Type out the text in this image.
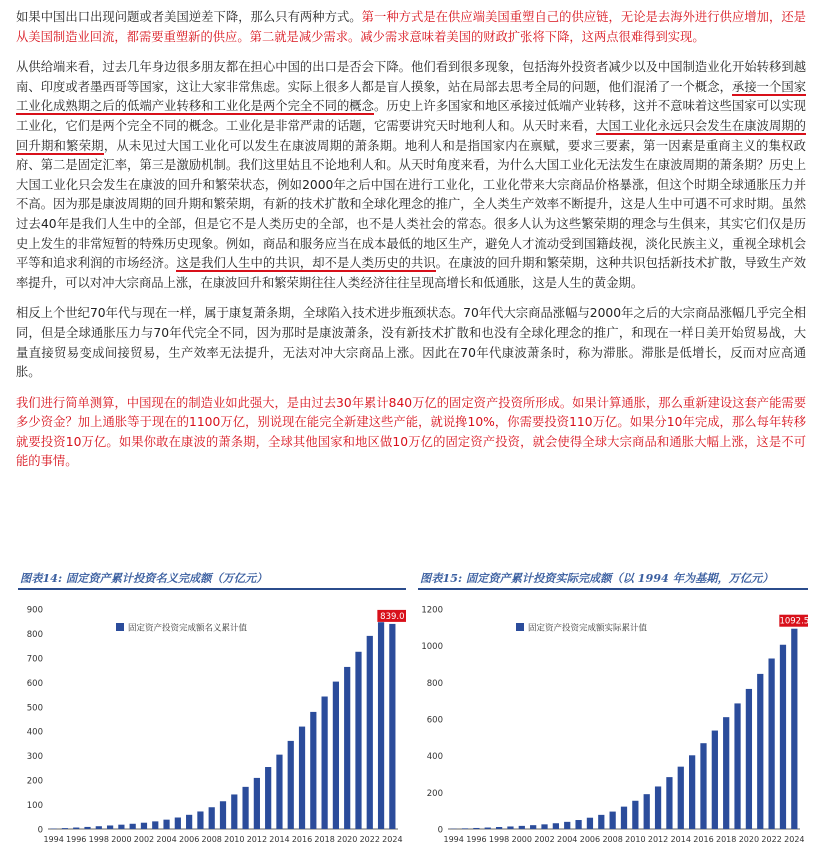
如果中国出口出现问题或者美国逆差下降，那么只有两种方式。第一种方式是在供应端美国重塑自己的供应链，无论是去海外进行供应增加，还是从美国制造业回流，都需要重塑新的供应。第二就是减少需求。减少需求意味着美国的财政扩张将下降，这两点很难得到实现。

从供给端来看，过去几年身边很多朋友都在担心中国的出口是否会下降。他们看到很多现象，包括海外投资者减少以及中国制造业化开始转移到越南、印度或者墨西哥等国家，这让大家非常焦虑。实际上很多人都是盲人摸象，站在局部去思考全局的问题，他们混淆了一个概念，承接一个国家工业化成熟期之后的低端产业转移和工业化是两个完全不同的概念。历史上许多国家和地区承接过低端产业转移，这并不意味着这些国家可以实现工业化，它们是两个完全不同的概念。工业化是非常严肃的话题，它需要讲究天时地利人和。从天时来看，大国工业化永远只会发生在康波周期的回升期和繁荣期，从未见过大国工业化可以发生在康波周期的萧条期。地利人和是指国家内在禀赋，要求三要素，第一因素是重商主义的集权政府、第二是固定汇率，第三是激励机制。我们这里姑且不论地利人和。从天时角度来看，为什么大国工业化无法发生在康波周期的萧条期？历史上大国工业化只会发生在康波的回升和繁荣状态，例如2000年之后中国在进行工业化，工业化带来大宗商品价格暴涨，但这个时期全球通胀压力并不高。因为那是康波周期的回升期和繁荣期，有新的技术扩散和全球化理念的推广，全人类生产效率不断提升，这是人生中可遇不可求时期。虽然过去40年是我们人生中的全部，但是它不是人类历史的全部，也不是人类社会的常态。很多人认为这些繁荣期的理念与生俱来，其实它们仅是历史上发生的非常短暂的特殊历史现象。例如，商品和服务应当在成本最低的地区生产，避免人才流动受到国籍歧视，淡化民族主义，重视全球机会平等和追求利润的市场经济。这是我们人生中的共识，却不是人类历史的共识。在康波的回升期和繁荣期，这种共识包括新技术扩散，导致生产效率提升，可以对冲大宗商品上涨，在康波回升和繁荣期往往人类经济往往呈现高增长和低通胀，这是人生的黄金期。

相反上个世纪70年代与现在一样，属于康复萧条期，全球陷入技术进步瓶颈状态。70年代大宗商品涨幅与2000年之后的大宗商品涨幅几乎完全相同，但是全球通胀压力与70年代完全不同，因为那时是康波萧条，没有新技术扩散和也没有全球化理念的推广，和现在一样日美开始贸易战，大量直接贸易变成间接贸易，生产效率无法提升，无法对冲大宗商品上涨。因此在70年代康波萧条时，称为滞胀。滞胀是低增长，反而对应高通胀。

我们进行简单测算，中国现在的制造业如此强大，是由过去30年累计840万亿的固定资产投资所形成。如果计算通胀，那么重新建设这套产能需要多少资金？加上通胀等于现在的1100万亿，别说现在能完全新建这些产能，就说搀10%，你需要投资110万亿。如果分10年完成，那么每年转移就要投资10万亿。如果你敢在康波的萧条期，全球其他国家和地区做10万亿的固定资产投资，就会使得全球大宗商品和通胀大幅上涨，这是不可能的事情。

图表14: 固定资产累计投资名义完成额（万亿元）
0
100
200
300
400
500
600
700
800
900
固定资产投资完成额名义累计值
839.0
1994 1996 1998 2000 2002 2004 2006 2008 2010 2012 2014 2016 2018 2020 2022 2024
图表15: 固定资产累计投资实际完成额（以 1994 年为基期，万亿元）
0
200
400
600
800
1000
1200
固定资产投资完成额实际累计值
1092.5
1994 1996 1998 2000 2002 2004 2006 2008 2010 2012 2014 2016 2018 2020 2022 2024
